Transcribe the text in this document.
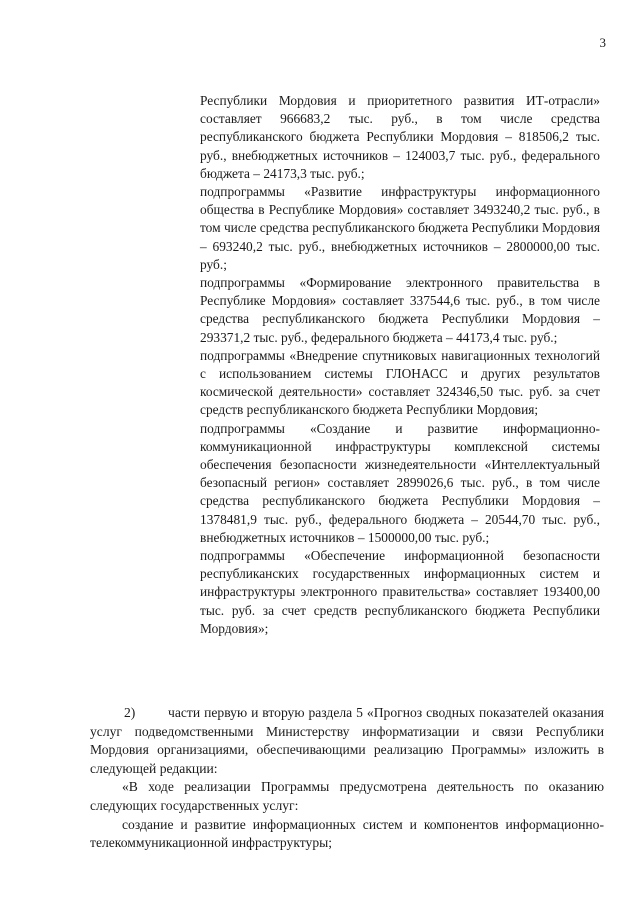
3

Республики Мордовия и приоритетного развития ИТ-отрасли» составляет 966683,2 тыс. руб., в том числе средства республиканского бюджета Республики Мордовия – 818506,2 тыс. руб., внебюджетных источников – 124003,7 тыс. руб., федерального бюджета – 24173,3 тыс. руб.;

подпрограммы «Развитие инфраструктуры информационного общества в Республике Мордовия» составляет 3493240,2 тыс. руб., в том числе средства республиканского бюджета Республики Мордовия – 693240,2 тыс. руб., внебюджетных источников – 2800000,00 тыс. руб.;

подпрограммы «Формирование электронного правительства в Республике Мордовия» составляет 337544,6 тыс. руб., в том числе средства республиканского бюджета Республики Мордовия – 293371,2 тыс. руб., федерального бюджета – 44173,4 тыс. руб.;

подпрограммы «Внедрение спутниковых навигационных технологий с использованием системы ГЛОНАСС и других результатов космической деятельности» составляет 324346,50 тыс. руб. за счет средств республиканского бюджета Республики Мордовия;

подпрограммы «Создание и развитие информационно-коммуникационной инфраструктуры комплексной системы обеспечения безопасности жизнедеятельности «Интеллектуальный безопасный регион» составляет 2899026,6 тыс. руб., в том числе средства республиканского бюджета Республики Мордовия – 1378481,9 тыс. руб., федерального бюджета – 20544,70 тыс. руб., внебюджетных источников – 1500000,00 тыс. руб.;

подпрограммы «Обеспечение информационной безопасности республиканских государственных информационных систем и инфраструктуры электронного правительства» составляет 193400,00 тыс. руб. за счет средств республиканского бюджета Республики Мордовия»;

2) части первую и вторую раздела 5 «Прогноз сводных показателей оказания услуг подведомственными Министерству информатизации и связи Республики Мордовия организациями, обеспечивающими реализацию Программы» изложить в следующей редакции:

«В ходе реализации Программы предусмотрена деятельность по оказанию следующих государственных услуг:

создание и развитие информационных систем и компонентов информационно-телекоммуникационной инфраструктуры;
